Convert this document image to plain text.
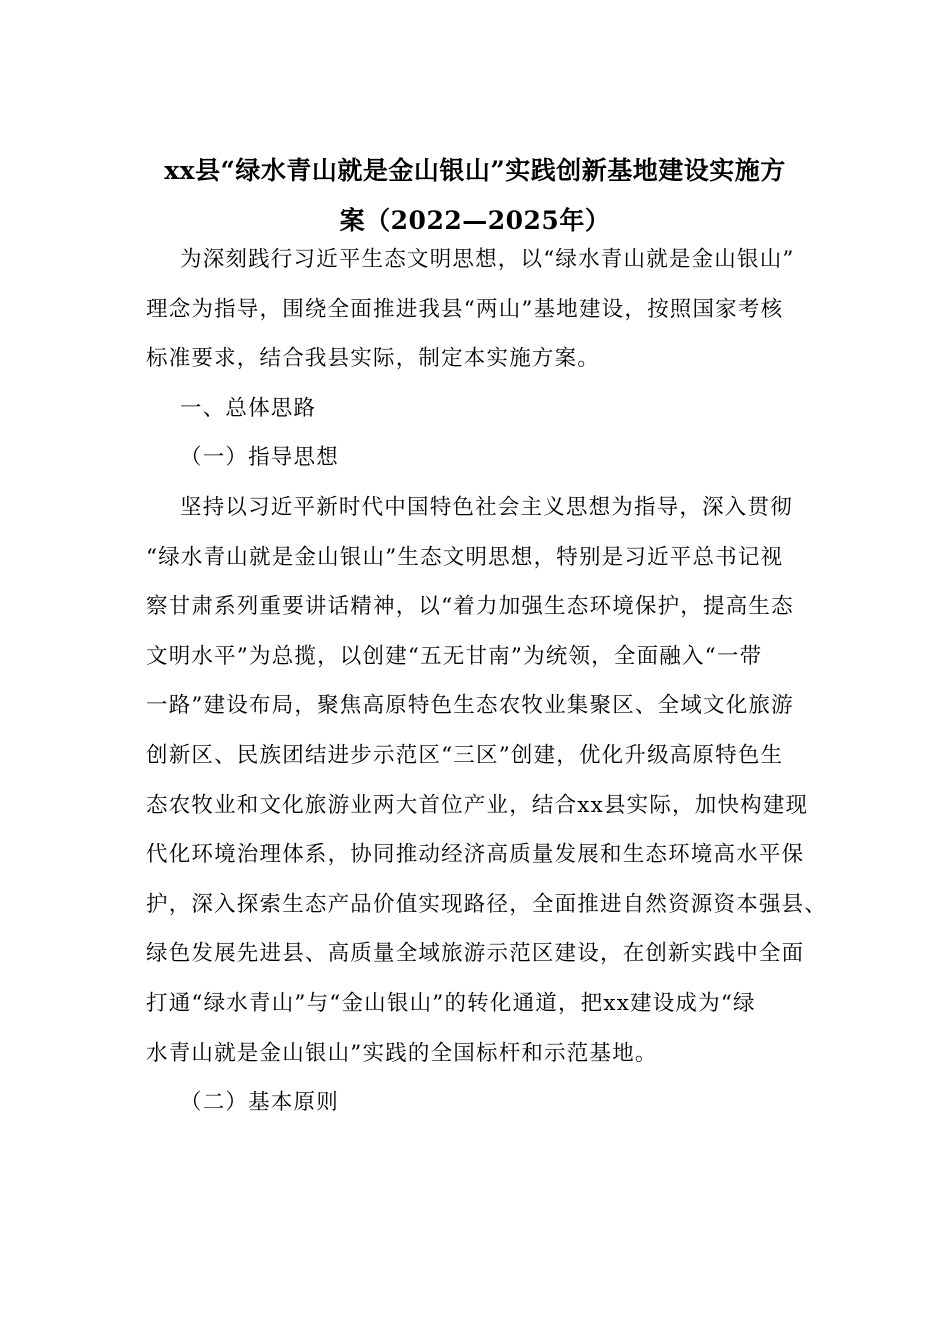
xx县“绿水青山就是金山银山”实践创新基地建设实施方
案（2022—2025年）
为深刻践行习近平生态文明思想，以“绿水青山就是金山银山”
理念为指导，围绕全面推进我县“两山”基地建设，按照国家考核
标准要求，结合我县实际，制定本实施方案。
一、总体思路
（一）指导思想
坚持以习近平新时代中国特色社会主义思想为指导，深入贯彻
“绿水青山就是金山银山”生态文明思想，特别是习近平总书记视
察甘肃系列重要讲话精神，以“着力加强生态环境保护，提高生态
文明水平”为总揽，以创建“五无甘南”为统领，全面融入“一带
一路”建设布局，聚焦高原特色生态农牧业集聚区、全域文化旅游
创新区、民族团结进步示范区“三区”创建，优化升级高原特色生
态农牧业和文化旅游业两大首位产业，结合xx县实际，加快构建现
代化环境治理体系，协同推动经济高质量发展和生态环境高水平保
护，深入探索生态产品价值实现路径，全面推进自然资源资本强县、
绿色发展先进县、高质量全域旅游示范区建设，在创新实践中全面
打通“绿水青山”与“金山银山”的转化通道，把xx建设成为“绿
水青山就是金山银山”实践的全国标杆和示范基地。
（二）基本原则
